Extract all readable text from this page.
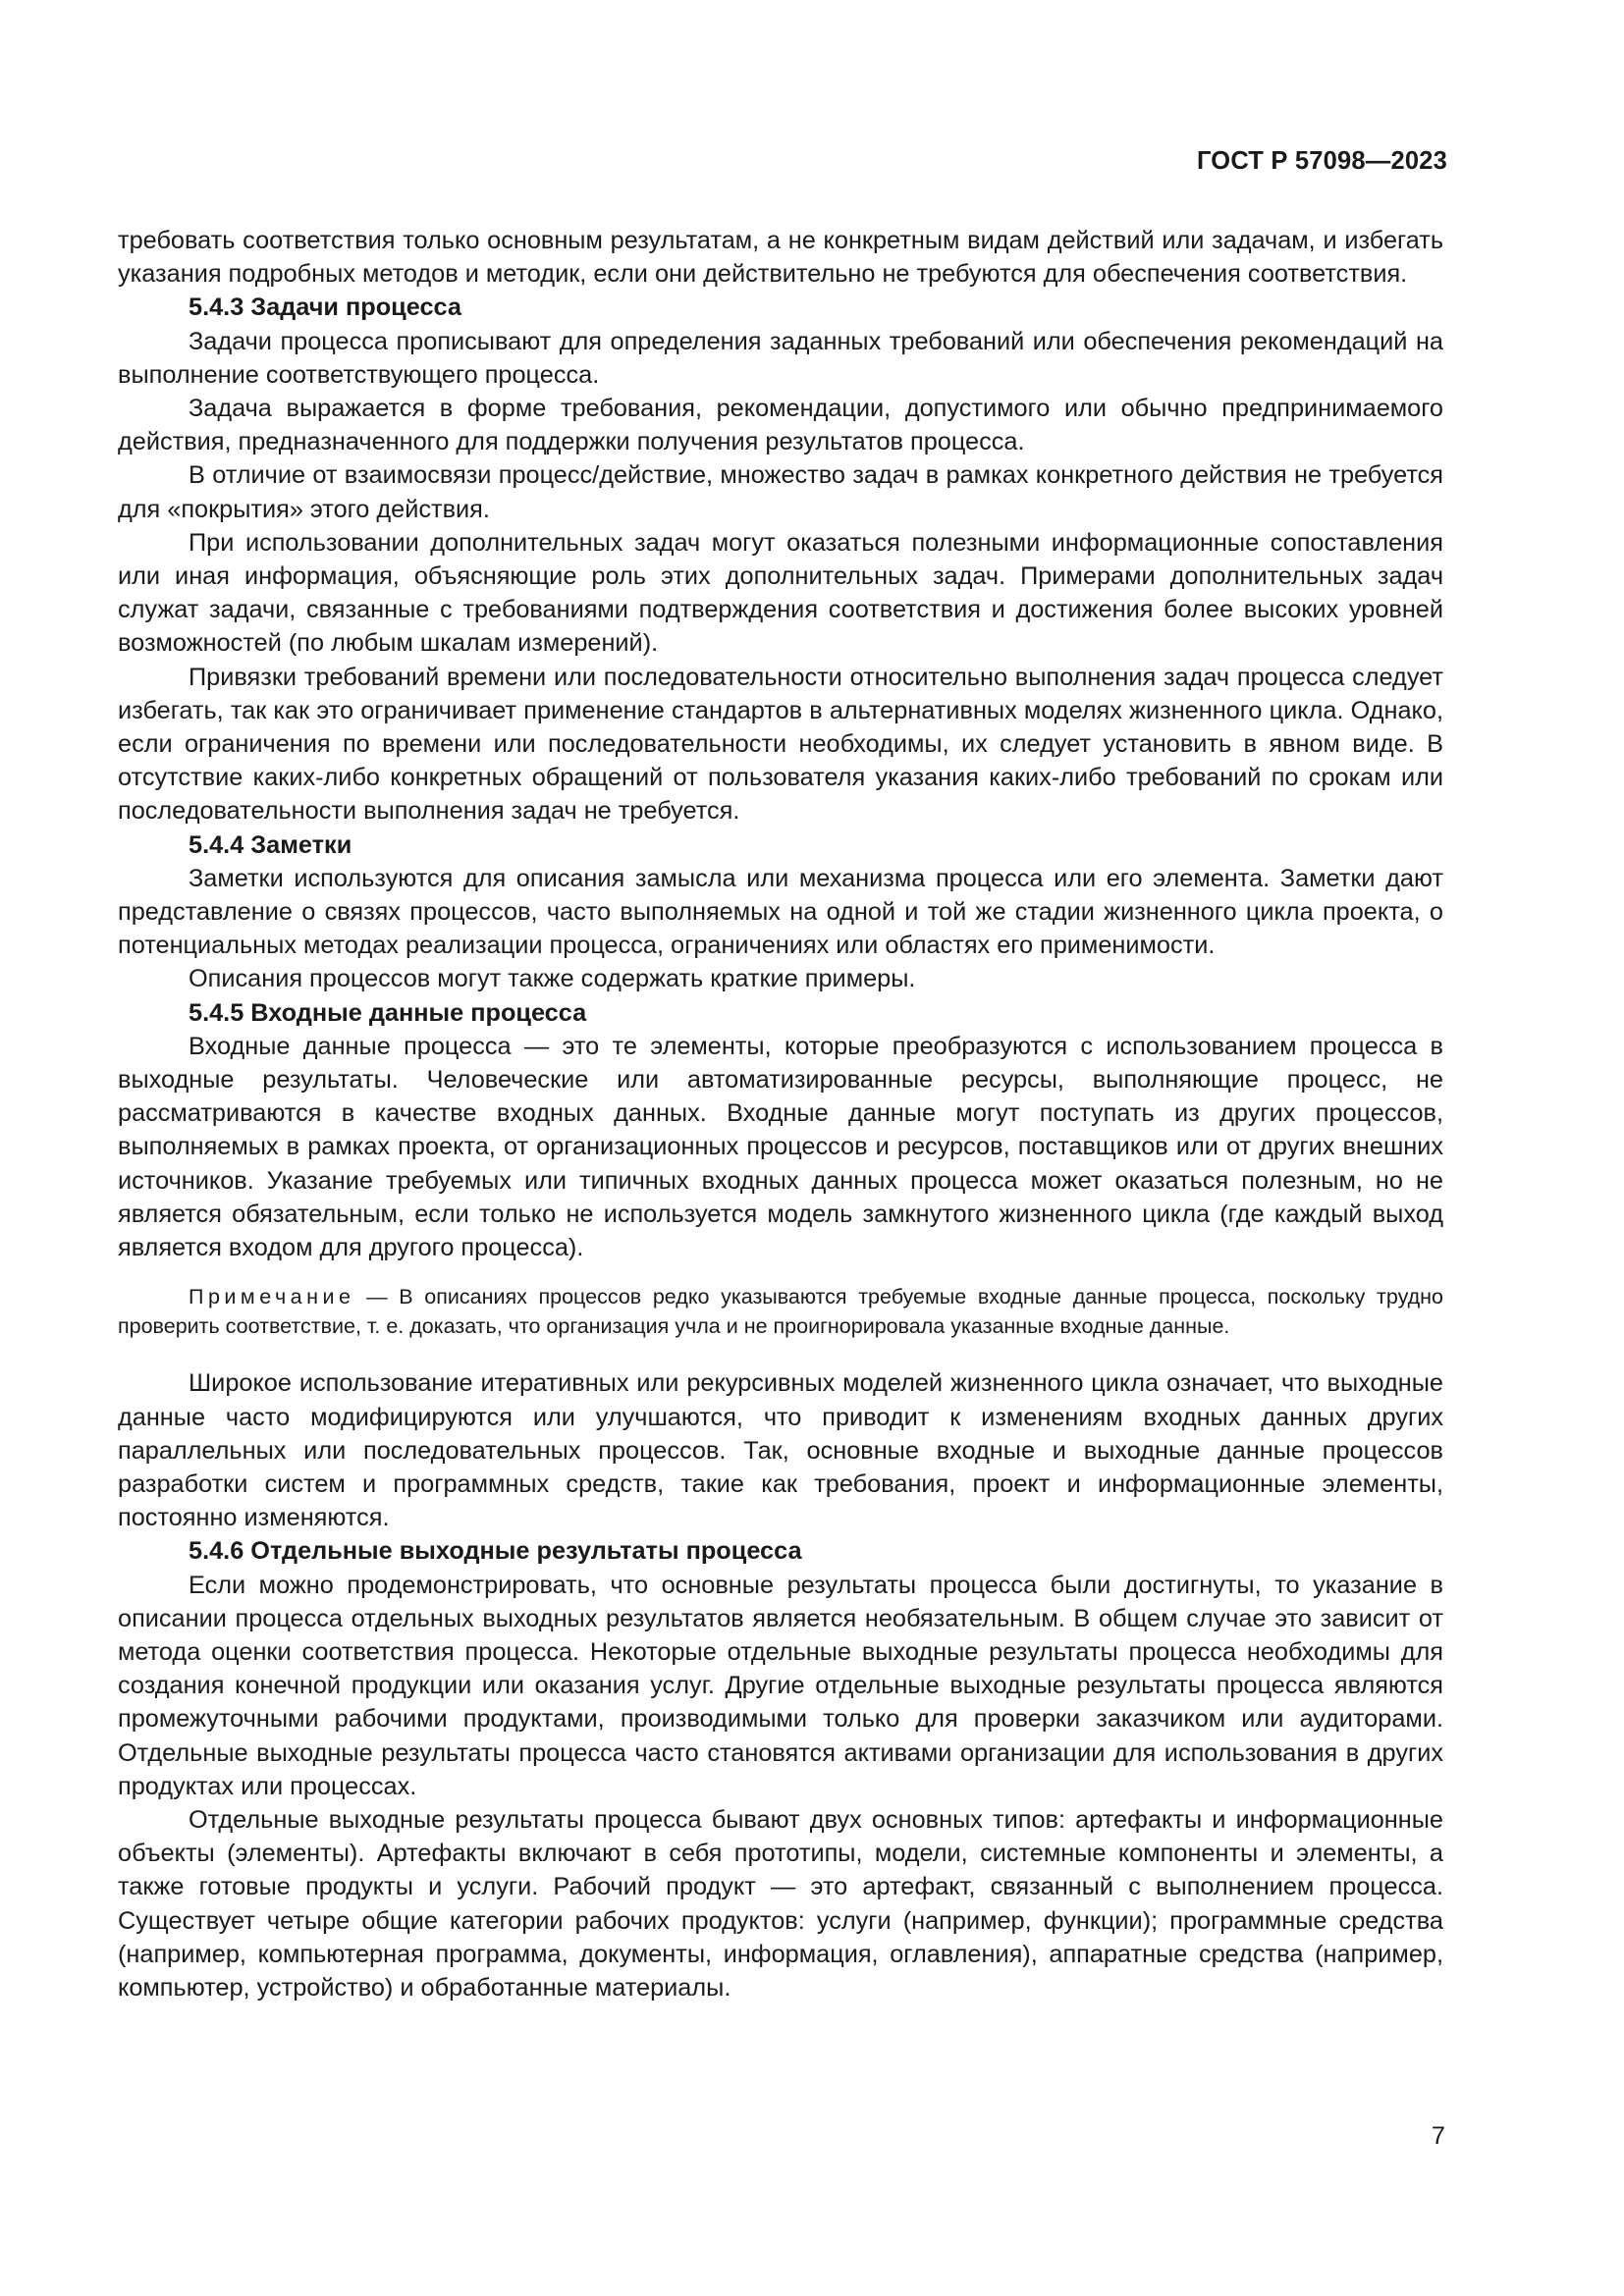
ГОСТ Р 57098—2023

требовать соответствия только основным результатам, а не конкретным видам действий или задачам, и избегать указания подробных методов и методик, если они действительно не требуются для обеспечения соответствия.

5.4.3 Задачи процесса

Задачи процесса прописывают для определения заданных требований или обеспечения рекомендаций на выполнение соответствующего процесса.

Задача выражается в форме требования, рекомендации, допустимого или обычно предпринимаемого действия, предназначенного для поддержки получения результатов процесса.

В отличие от взаимосвязи процесс/действие, множество задач в рамках конкретного действия не требуется для «покрытия» этого действия.

При использовании дополнительных задач могут оказаться полезными информационные сопоставления или иная информация, объясняющие роль этих дополнительных задач. Примерами дополнительных задач служат задачи, связанные с требованиями подтверждения соответствия и достижения более высоких уровней возможностей (по любым шкалам измерений).

Привязки требований времени или последовательности относительно выполнения задач процесса следует избегать, так как это ограничивает применение стандартов в альтернативных моделях жизненного цикла. Однако, если ограничения по времени или последовательности необходимы, их следует установить в явном виде. В отсутствие каких-либо конкретных обращений от пользователя указания каких-либо требований по срокам или последовательности выполнения задач не требуется.

5.4.4 Заметки

Заметки используются для описания замысла или механизма процесса или его элемента. Заметки дают представление о связях процессов, часто выполняемых на одной и той же стадии жизненного цикла проекта, о потенциальных методах реализации процесса, ограничениях или областях его применимости.

Описания процессов могут также содержать краткие примеры.

5.4.5 Входные данные процесса

Входные данные процесса — это те элементы, которые преобразуются с использованием процесса в выходные результаты. Человеческие или автоматизированные ресурсы, выполняющие процесс, не рассматриваются в качестве входных данных. Входные данные могут поступать из других процессов, выполняемых в рамках проекта, от организационных процессов и ресурсов, поставщиков или от других внешних источников. Указание требуемых или типичных входных данных процесса может оказаться полезным, но не является обязательным, если только не используется модель замкнутого жизненного цикла (где каждый выход является входом для другого процесса).

Примечание — В описаниях процессов редко указываются требуемые входные данные процесса, поскольку трудно проверить соответствие, т. е. доказать, что организация учла и не проигнорировала указанные входные данные.

Широкое использование итеративных или рекурсивных моделей жизненного цикла означает, что выходные данные часто модифицируются или улучшаются, что приводит к изменениям входных данных других параллельных или последовательных процессов. Так, основные входные и выходные данные процессов разработки систем и программных средств, такие как требования, проект и информационные элементы, постоянно изменяются.

5.4.6 Отдельные выходные результаты процесса

Если можно продемонстрировать, что основные результаты процесса были достигнуты, то указание в описании процесса отдельных выходных результатов является необязательным. В общем случае это зависит от метода оценки соответствия процесса. Некоторые отдельные выходные результаты процесса необходимы для создания конечной продукции или оказания услуг. Другие отдельные выходные результаты процесса являются промежуточными рабочими продуктами, производимыми только для проверки заказчиком или аудиторами. Отдельные выходные результаты процесса часто становятся активами организации для использования в других продуктах или процессах.

Отдельные выходные результаты процесса бывают двух основных типов: артефакты и информационные объекты (элементы). Артефакты включают в себя прототипы, модели, системные компоненты и элементы, а также готовые продукты и услуги. Рабочий продукт — это артефакт, связанный с выполнением процесса. Существует четыре общие категории рабочих продуктов: услуги (например, функции); программные средства (например, компьютерная программа, документы, информация, оглавления), аппаратные средства (например, компьютер, устройство) и обработанные материалы.

7
